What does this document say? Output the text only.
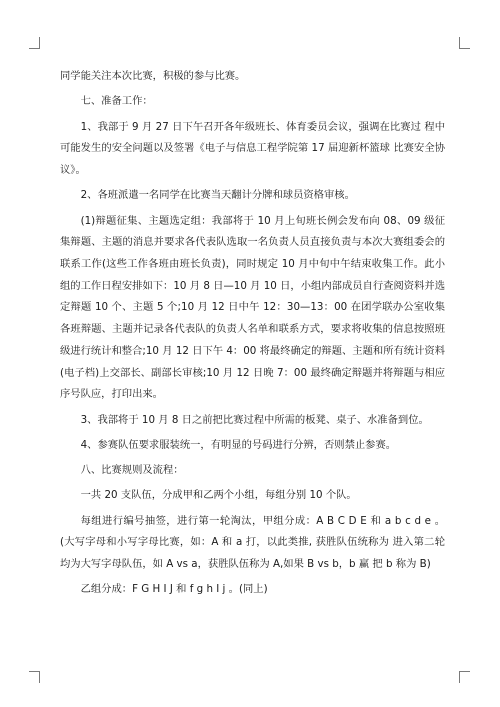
同学能关注本次比赛，积极的参与比赛。

七、准备工作：

1、我部于 9 月 27 日下午召开各年级班长、体育委员会议，强调在比赛过 程中可能发生的安全问题以及签署《电子与信息工程学院第 17 届迎新杯篮球 比赛安全协议》。

2、各班派遣一名同学在比赛当天翻计分牌和球员资格审核。

(1)辩题征集、主题选定组：我部将于 10 月上旬班长例会发布向 08、09 级征集辩题、主题的消息并要求各代表队选取一名负责人员直接负责与本次大赛组委会的联系工作(这些工作各班由班长负责)，同时规定 10 月中旬中午结束收集工作。此小组的工作日程安排如下：10 月 8 日—10 月 10 日，小组内部成员自行查阅资料并选定辩题 10 个、主题 5 个;10 月 12 日中午 12：30—13：00 在团学联办公室收集各班辩题、主题并记录各代表队的负责人名单和联系方式，要求将收集的信息按照班级进行统计和整合;10 月 12 日下午 4：00 将最终确定的辩题、主题和所有统计资料(电子档)上交部长、副部长审核;10 月 12 日晚 7：00 最终确定辩题并将辩题与相应序号队应，打印出来。

3、我部将于 10 月 8 日之前把比赛过程中所需的板凳、桌子、水准备到位。

4、参赛队伍要求服装统一，有明显的号码进行分辨，否则禁止参赛。

八、比赛规则及流程：

一共 20 支队伍，分成甲和乙两个小组，每组分别 10 个队。

每组进行编号抽签，进行第一轮淘汰，甲组分成：A B C D E 和 a b c d e 。(大写字母和小写字母比赛，如：A 和 a 打，以此类推, 获胜队伍统称为 进入第二轮均为大写字母队伍，如 A vs a，获胜队伍称为 A,如果 B vs b，b 赢 把 b 称为 B)

乙组分成：F G H I J 和 f g h I j 。(同上)
